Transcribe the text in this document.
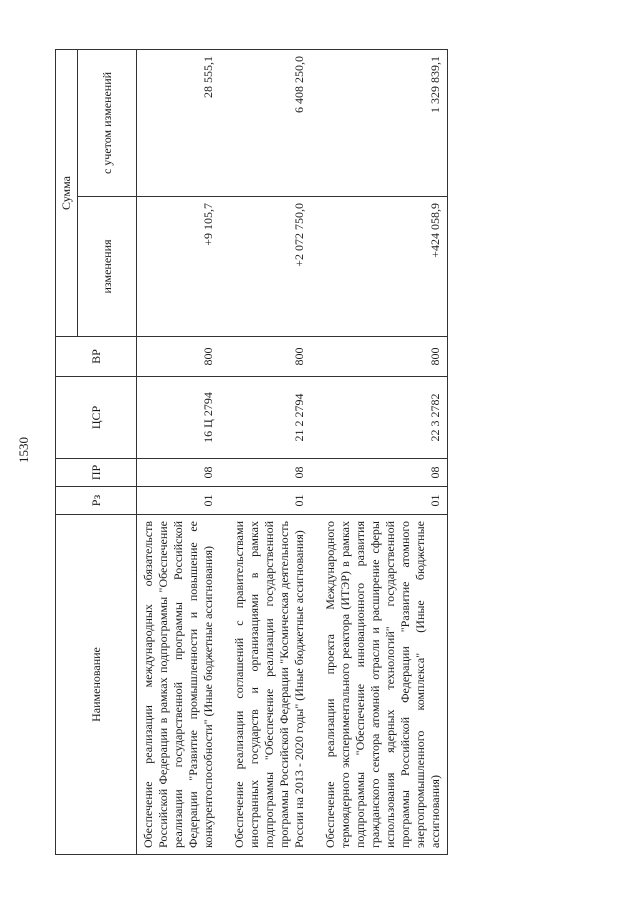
1530
Наименование	Рз	ПР	ЦСР	ВР	Сумма	
					изменения	с учетом изменений
Обеспечение реализации международных обязательств Российской Федерации в рамках подпрограммы "Обеспечение реализации государственной программы Российской Федерации "Развитие промышленности и повышение ее конкурентоспособности" (Иные бюджетные ассигнования)	01	08	16 Ц 2794	800	+9 105,7	28 555,1

Обеспечение реализации соглашений с правительствами иностранных государств и организациями в рамках подпрограммы "Обеспечение реализации государственной программы Российской Федерации "Космическая деятельность России на 2013 - 2020 годы" (Иные бюджетные ассигнования)	01	08	21 2 2794	800	+2 072 750,0	6 408 250,0

Обеспечение реализации проекта Международного термоядерного экспериментального реактора (ИТЭР) в рамках подпрограммы "Обеспечение инновационного развития гражданского сектора атомной отрасли и расширение сферы использования ядерных технологий" государственной программы Российской Федерации "Развитие атомного энергопромышленного комплекса" (Иные бюджетные ассигнования)	01	08	22 3 2782	800	+424 058,9	1 329 839,1
